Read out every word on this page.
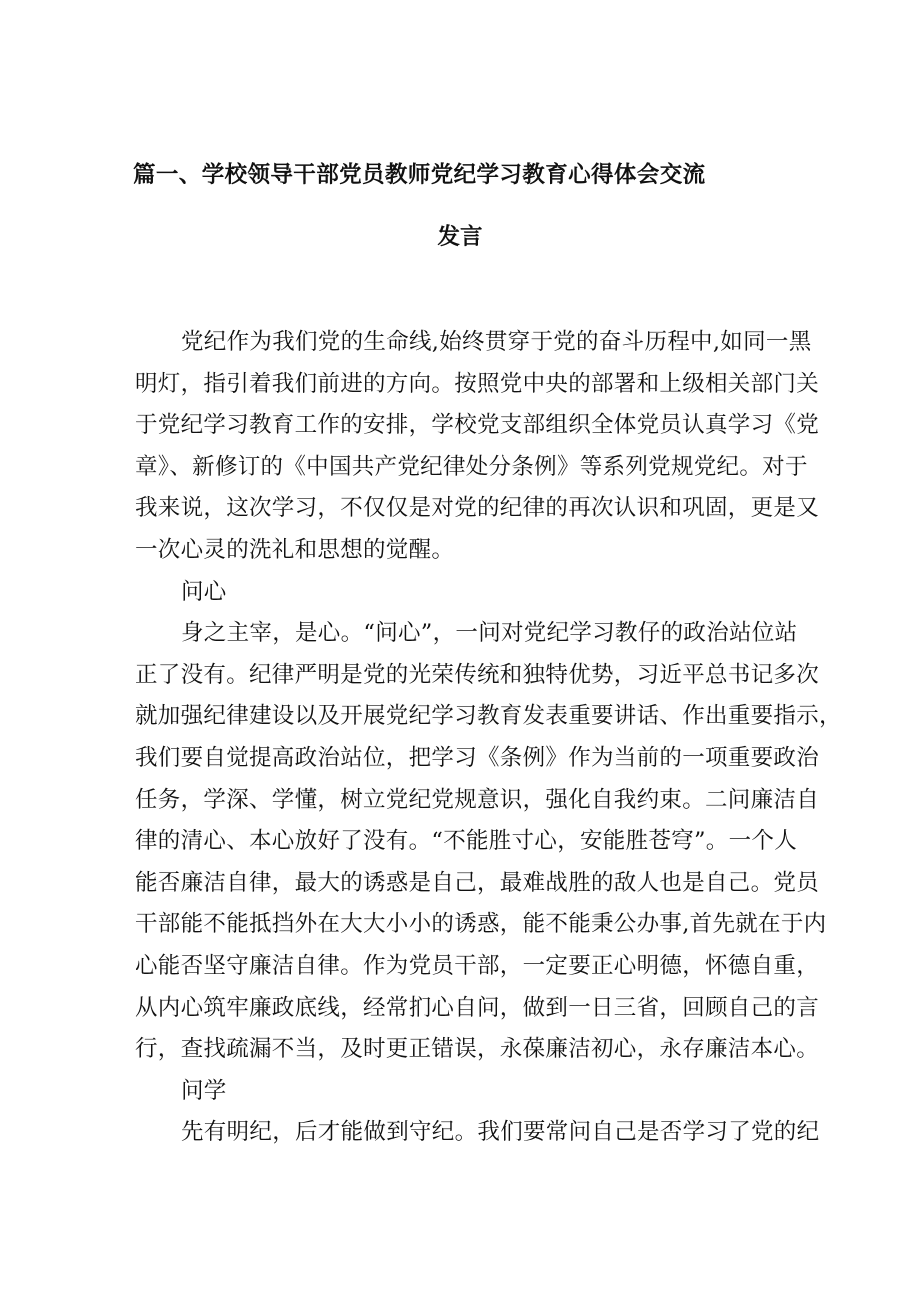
篇一、学校领导干部党员教师党纪学习教育心得体会交流
发言
党纪作为我们党的生命线,始终贯穿于党的奋斗历程中,如同一黑
明灯，指引着我们前进的方向。按照党中央的部署和上级相关部门关
于党纪学习教育工作的安排，学校党支部组织全体党员认真学习《党
章》、新修订的《中国共产党纪律处分条例》等系列党规党纪。对于
我来说，这次学习，不仅仅是对党的纪律的再次认识和巩固，更是又
一次心灵的洗礼和思想的觉醒。
问心
身之主宰，是心。“问心”，一问对党纪学习教仔的政治站位站
正了没有。纪律严明是党的光荣传统和独特优势，习近平总书记多次
就加强纪律建设以及开展党纪学习教育发表重要讲话、作出重要指示，
我们要自觉提高政治站位，把学习《条例》作为当前的一项重要政治
任务，学深、学懂，树立党纪党规意识，强化自我约束。二问廉洁自
律的清心、本心放好了没有。“不能胜寸心，安能胜苍穹”。一个人
能否廉洁自律，最大的诱惑是自己，最难战胜的敌人也是自己。党员
干部能不能抵挡外在大大小小的诱惑，能不能秉公办事,首先就在于内
心能否坚守廉洁自律。作为党员干部，一定要正心明德，怀德自重，
从内心筑牢廉政底线，经常扪心自问，做到一日三省，回顾自己的言
行，查找疏漏不当，及时更正错误，永葆廉洁初心，永存廉洁本心。
问学
先有明纪，后才能做到守纪。我们要常问自己是否学习了党的纪
